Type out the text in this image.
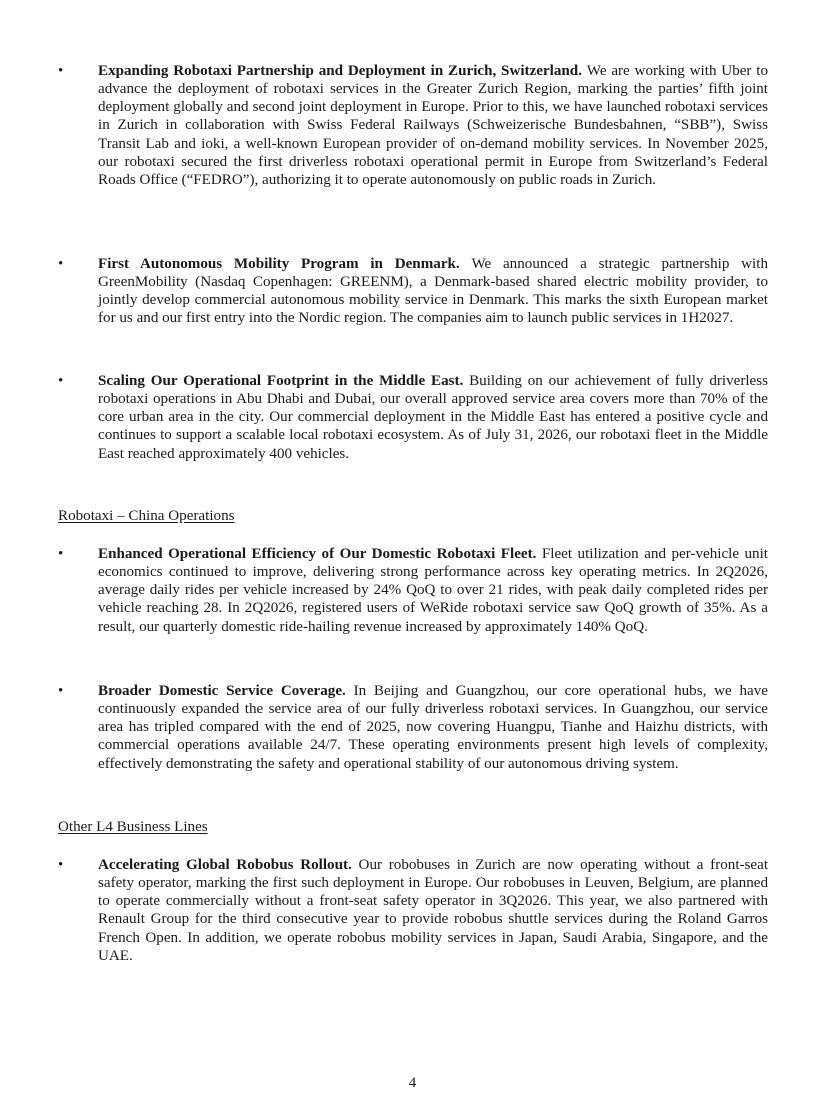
• Expanding Robotaxi Partnership and Deployment in Zurich, Switzerland. We are working with Uber to advance the deployment of robotaxi services in the Greater Zurich Region, marking the parties’ fifth joint deployment globally and second joint deployment in Europe. Prior to this, we have launched robotaxi services in Zurich in collaboration with Swiss Federal Railways (Schweizerische Bundesbahnen, “SBB”), Swiss Transit Lab and ioki, a well-known European provider of on-demand mobility services. In November 2025, our robotaxi secured the first driverless robotaxi operational permit in Europe from Switzerland’s Federal Roads Office (“FEDRO”), authorizing it to operate autonomously on public roads in Zurich.

• First Autonomous Mobility Program in Denmark. We announced a strategic partnership with GreenMobility (Nasdaq Copenhagen: GREENM), a Denmark-based shared electric mobility provider, to jointly develop commercial autonomous mobility service in Denmark. This marks the sixth European market for us and our first entry into the Nordic region. The companies aim to launch public services in 1H2027.

• Scaling Our Operational Footprint in the Middle East. Building on our achievement of fully driverless robotaxi operations in Abu Dhabi and Dubai, our overall approved service area covers more than 70% of the core urban area in the city. Our commercial deployment in the Middle East has entered a positive cycle and continues to support a scalable local robotaxi ecosystem. As of July 31, 2026, our robotaxi fleet in the Middle East reached approximately 400 vehicles.

Robotaxi – China Operations
• Enhanced Operational Efficiency of Our Domestic Robotaxi Fleet. Fleet utilization and per-vehicle unit economics continued to improve, delivering strong performance across key operating metrics. In 2Q2026, average daily rides per vehicle increased by 24% QoQ to over 21 rides, with peak daily completed rides per vehicle reaching 28. In 2Q2026, registered users of WeRide robotaxi service saw QoQ growth of 35%. As a result, our quarterly domestic ride-hailing revenue increased by approximately 140% QoQ.

• Broader Domestic Service Coverage. In Beijing and Guangzhou, our core operational hubs, we have continuously expanded the service area of our fully driverless robotaxi services. In Guangzhou, our service area has tripled compared with the end of 2025, now covering Huangpu, Tianhe and Haizhu districts, with commercial operations available 24/7. These operating environments present high levels of complexity, effectively demonstrating the safety and operational stability of our autonomous driving system.

Other L4 Business Lines
• Accelerating Global Robobus Rollout. Our robobuses in Zurich are now operating without a front-seat safety operator, marking the first such deployment in Europe. Our robobuses in Leuven, Belgium, are planned to operate commercially without a front-seat safety operator in 3Q2026. This year, we also partnered with Renault Group for the third consecutive year to provide robobus shuttle services during the Roland Garros French Open. In addition, we operate robobus mobility services in Japan, Saudi Arabia, Singapore, and the UAE.

4
